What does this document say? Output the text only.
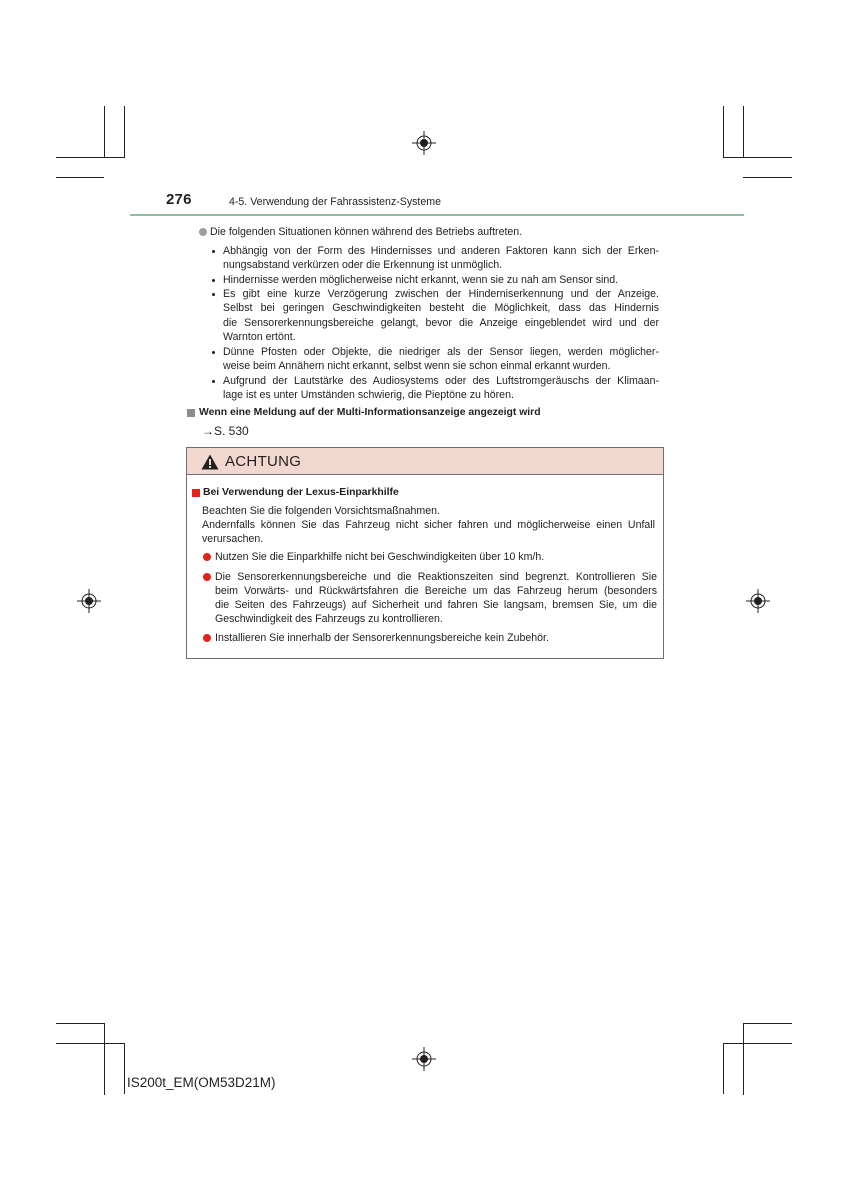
276	4-5. Verwendung der Fahrassistenz-Systeme
Die folgenden Situationen können während des Betriebs auftreten.
Abhängig von der Form des Hindernisses und anderen Faktoren kann sich der Erken-
nungsabstand verkürzen oder die Erkennung ist unmöglich.
Hindernisse werden möglicherweise nicht erkannt, wenn sie zu nah am Sensor sind.
Es gibt eine kurze Verzögerung zwischen der Hinderniserkennung und der Anzeige.
Selbst bei geringen Geschwindigkeiten besteht die Möglichkeit, dass das Hindernis
die Sensorerkennungsbereiche gelangt, bevor die Anzeige eingeblendet wird und der
Warnton ertönt.
Dünne Pfosten oder Objekte, die niedriger als der Sensor liegen, werden möglicher-
weise beim Annähern nicht erkannt, selbst wenn sie schon einmal erkannt wurden.
Aufgrund der Lautstärke des Audiosystems oder des Luftstromgeräuschs der Klimaan-
lage ist es unter Umständen schwierig, die Pieptöne zu hören.
Wenn eine Meldung auf der Multi-Informationsanzeige angezeigt wird
→S. 530
ACHTUNG
Bei Verwendung der Lexus-Einparkhilfe
Beachten Sie die folgenden Vorsichtsmaßnahmen.
Andernfalls können Sie das Fahrzeug nicht sicher fahren und möglicherweise einen Unfall
verursachen.
Nutzen Sie die Einparkhilfe nicht bei Geschwindigkeiten über 10 km/h.
Die Sensorerkennungsbereiche und die Reaktionszeiten sind begrenzt. Kontrollieren Sie
beim Vorwärts- und Rückwärtsfahren die Bereiche um das Fahrzeug herum (besonders
die Seiten des Fahrzeugs) auf Sicherheit und fahren Sie langsam, bremsen Sie, um die
Geschwindigkeit des Fahrzeugs zu kontrollieren.
Installieren Sie innerhalb der Sensorerkennungsbereiche kein Zubehör.
IS200t_EM(OM53D21M)
